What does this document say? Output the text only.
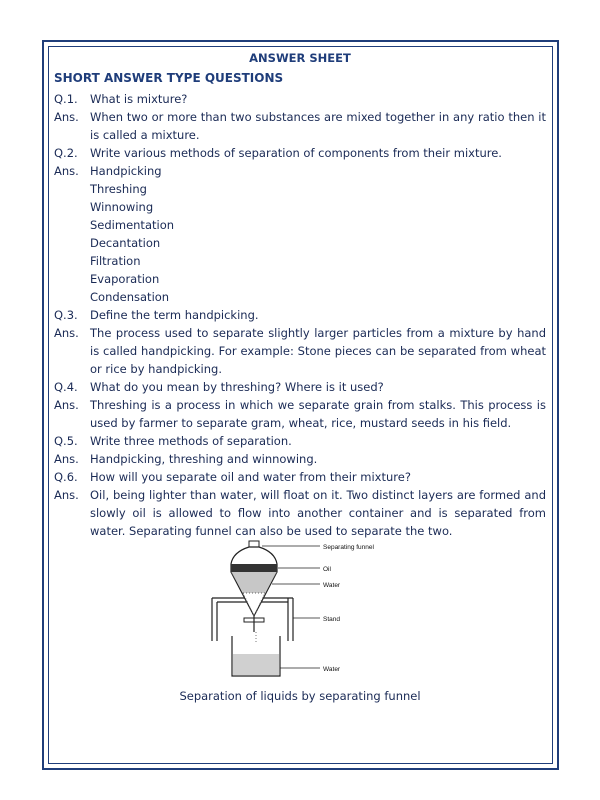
ANSWER SHEET
SHORT ANSWER TYPE QUESTIONS
Q.1.	What is mixture?
Ans. When two or more than two substances are mixed together in any ratio then it is called a mixture.
Q.2.	Write various methods of separation of components from their mixture.
Ans. Handpicking
Threshing
Winnowing
Sedimentation
Decantation
Filtration
Evaporation
Condensation
Q.3.	Define the term handpicking.
Ans. The process used to separate slightly larger particles from a mixture by hand is called handpicking. For example: Stone pieces can be separated from wheat or rice by handpicking.
Q.4.	What do you mean by threshing? Where is it used?
Ans. Threshing is a process in which we separate grain from stalks. This process is used by farmer to separate gram, wheat, rice, mustard seeds in his field.
Q.5.	Write three methods of separation.
Ans. Handpicking, threshing and winnowing.
Q.6.	How will you separate oil and water from their mixture?
Ans. Oil, being lighter than water, will float on it. Two distinct layers are formed and slowly oil is allowed to flow into another container and is separated from water. Separating funnel can also be used to separate the two.
Separating funnel
Oil
Water
Stand
Water
Separation of liquids by separating funnel
